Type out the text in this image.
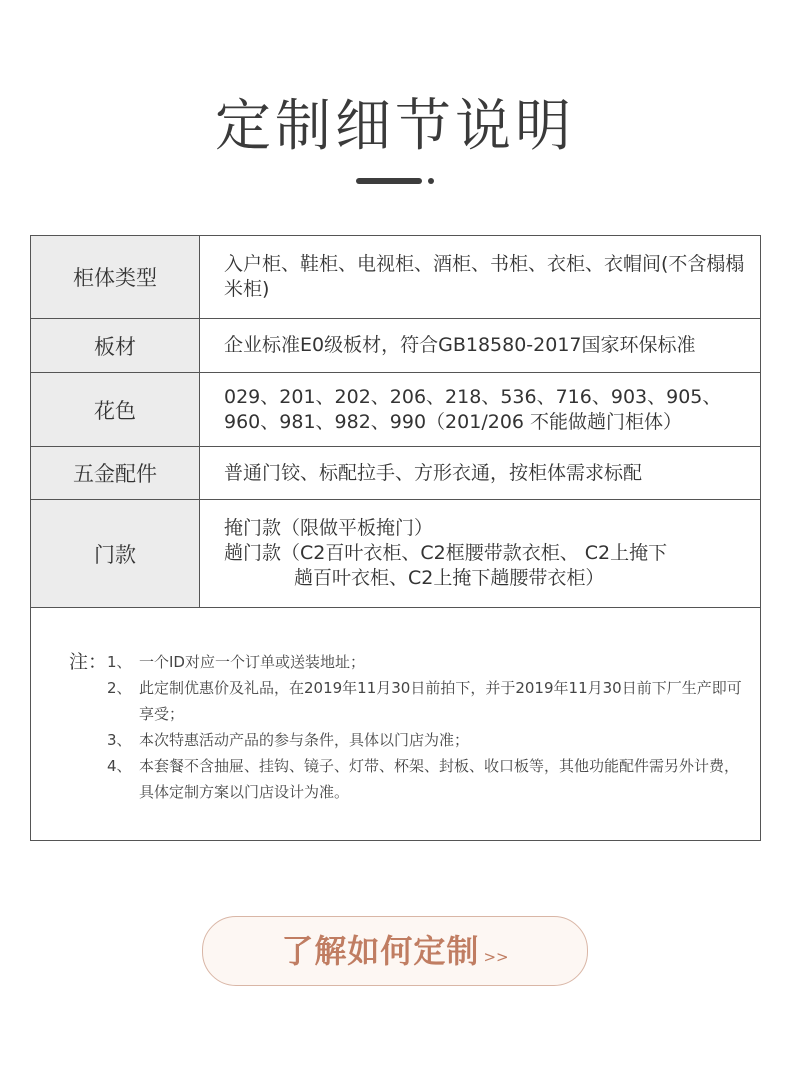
定制细节说明
柜体类型	入户柜、鞋柜、电视柜、酒柜、书柜、衣柜、衣帽间(不含榻榻米柜)
板材	企业标准E0级板材，符合GB18580-2017国家环保标准
花色	029、201、202、206、218、536、716、903、905、960、981、982、990（201/206 不能做趟门柜体）
五金配件	普通门铰、标配拉手、方形衣通，按柜体需求标配
门款	掩门款（限做平板掩门）
趟门款（C2百叶衣柜、C2框腰带款衣柜、 C2上掩下
趟百叶衣柜、C2上掩下趟腰带衣柜）
注： 1、 一个ID对应一个订单或送装地址；
2、 此定制优惠价及礼品，在2019年11月30日前拍下，并于2019年11月30日前下厂生产即可享受；
3、 本次特惠活动产品的参与条件，具体以门店为准；
4、 本套餐不含抽屉、挂钩、镜子、灯带、杯架、封板、收口板等，其他功能配件需另外计费，具体定制方案以门店设计为准。
了解如何定制 >>
